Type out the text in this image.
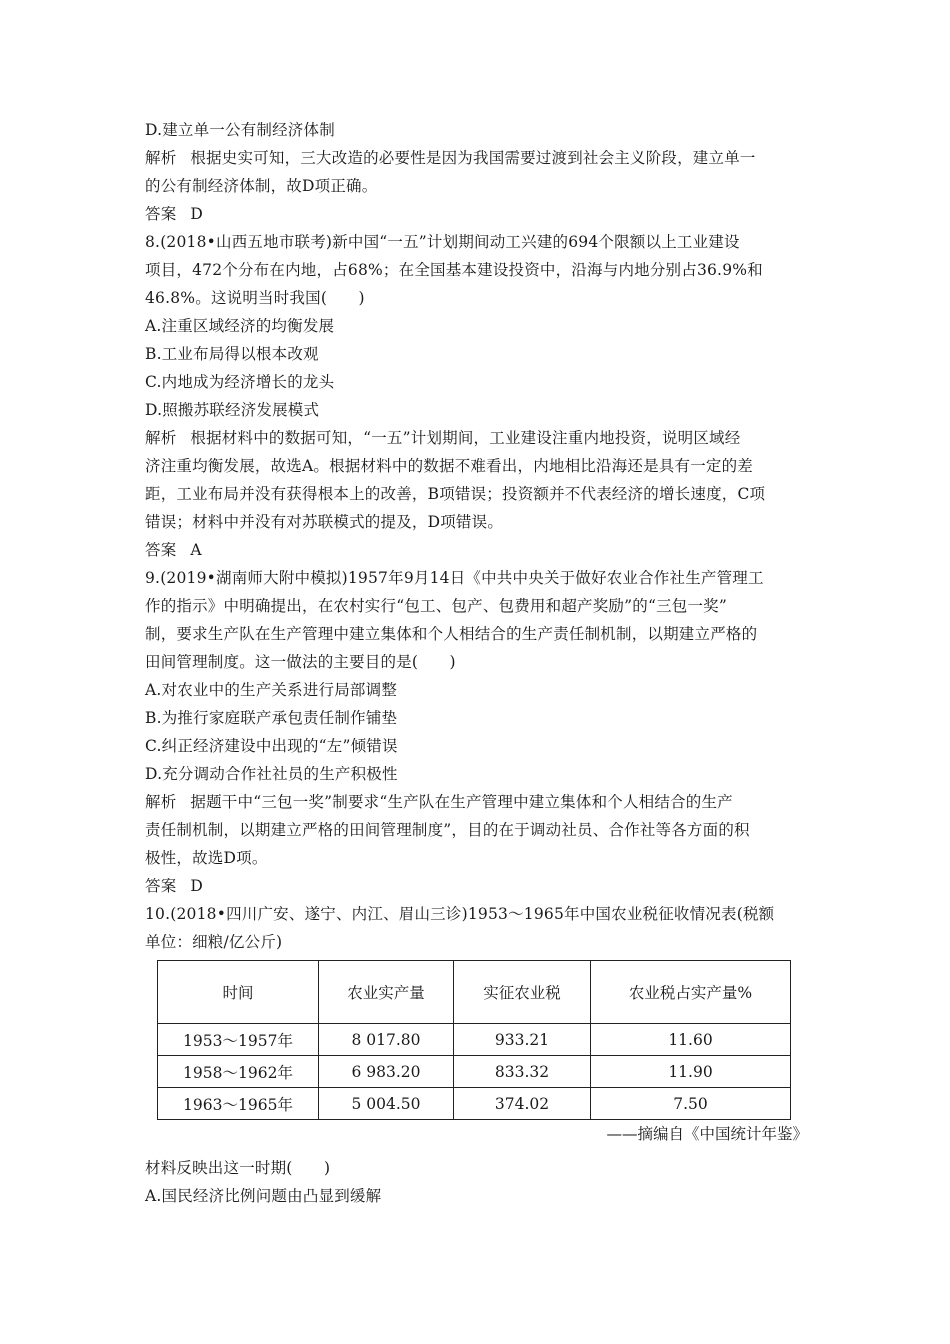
D.建立单一公有制经济体制
解析 根据史实可知，三大改造的必要性是因为我国需要过渡到社会主义阶段，建立单一
的公有制经济体制，故D项正确。
答案 D
8.(2018•山西五地市联考)新中国“一五”计划期间动工兴建的694个限额以上工业建设
项目，472个分布在内地，占68%；在全国基本建设投资中，沿海与内地分别占36.9%和
46.8%。这说明当时我国(　　)
A.注重区域经济的均衡发展
B.工业布局得以根本改观
C.内地成为经济增长的龙头
D.照搬苏联经济发展模式
解析 根据材料中的数据可知，“一五”计划期间，工业建设注重内地投资，说明区域经
济注重均衡发展，故选A。根据材料中的数据不难看出，内地相比沿海还是具有一定的差
距，工业布局并没有获得根本上的改善，B项错误；投资额并不代表经济的增长速度，C项
错误；材料中并没有对苏联模式的提及，D项错误。
答案 A
9.(2019•湖南师大附中模拟)1957年9月14日《中共中央关于做好农业合作社生产管理工
作的指示》中明确提出，在农村实行“包工、包产、包费用和超产奖励”的“三包一奖”
制，要求生产队在生产管理中建立集体和个人相结合的生产责任制机制，以期建立严格的
田间管理制度。这一做法的主要目的是(　　)
A.对农业中的生产关系进行局部调整
B.为推行家庭联产承包责任制作铺垫
C.纠正经济建设中出现的“左”倾错误
D.充分调动合作社社员的生产积极性
解析 据题干中“三包一奖”制要求“生产队在生产管理中建立集体和个人相结合的生产
责任制机制，以期建立严格的田间管理制度”，目的在于调动社员、合作社等各方面的积
极性，故选D项。
答案 D
10.(2018•四川广安、遂宁、内江、眉山三诊)1953～1965年中国农业税征收情况表(税额
单位：细粮/亿公斤)
时间	农业实产量	实征农业税	农业税占实产量%
1953～1957年	8 017.80	933.21	11.60
1958～1962年	6 983.20	833.32	11.90
1963～1965年	5 004.50	374.02	7.50
——摘编自《中国统计年鉴》
材料反映出这一时期(　　)
A.国民经济比例问题由凸显到缓解
